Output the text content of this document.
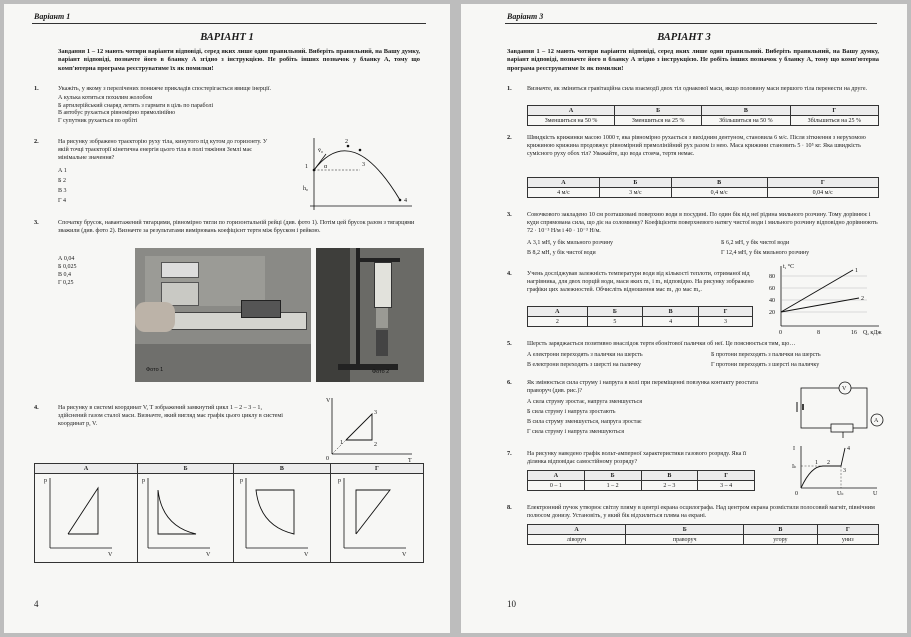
Варіант 1
ВАРІАНТ 1
Завдання 1 – 12 мають чотири варіанти відповіді, серед яких лише один правильний. Виберіть правильний, на Вашу думку, варіант відповіді, позначте його в бланку А згідно з інструкцією. Не робіть інших позначок у бланку А, тому що комп'ютерна програма реєструватиме їх як помилки!
1.	Укажіть, у якому з перелічених понижче прикладів спостерігається явище інерції.
А кулька котиться похилим жолобом
Б артилерійський снаряд летить з гармати в ціль по параболі
В автобус рухається рівномірно прямолінійно
Г супутник рухається по орбіті
2.	На рисунку зображено траєкторію руху тіла, кинутого під кутом до горизонту. У якій точці траєкторії кінетична енергія цього тіла в полі тяжіння Землі має мінімальне значення?
А 1
Б 2
В 3
Г 4
1
2
3
4
v̄₀
α
h₀
3.	Спочатку брусок, навантажений тягарцями, рівномірно тягли по горизонтальній рейці (див. фото 1). Потім цей брусок разом з тягарцями зважили (див. фото 2). Визначте за результатами вимірювань коефіцієнт тертя між бруском і рейкою.
А 0,04
Б 0,025
В 0,4
Г 0,25
Фото 1	Фото 2
4.	На рисунку в системі координат V, T зображений замкнутий цикл 1 – 2 – 3 – 1, здійснений газом сталої маси. Визначте, який вигляд має графік цього циклу в системі координат p, V.
V
T
0
1	2
3
А	Б	В	Г

p
V
p
V
p
V
p
V
4
Варіант 3
ВАРІАНТ 3
Завдання 1 – 12 мають чотири варіанти відповіді, серед яких лише один правильний. Виберіть правильний, на Вашу думку, варіант відповіді, позначте його в бланку А згідно з інструкцією. Не робіть інших позначок у бланку А, тому що комп'ютерна програма реєструватиме їх як помилки!
1.	Визначте, як зміниться гравітаційна сила взаємодії двох тіл однакової маси, якщо половину маси першого тіла перенести на друге.
А	Б	В	Г
Зменшиться на 50 %	Зменшиться на 25 %	Збільшиться на 50 %	Збільшиться на 25 %
2.	Швидкість крижинки масою 1000 т, яка рівномірно рухається з вихідним дентуном, становила 6 м/с. Після зіткнення з нерухомою крижиною крижина продовжує рівномірний прямолінійний рух разом із нею. Маса крижини становить 5 · 10⁵ кг. Яка швидкість сумісного руху обох тіл? Уважайте, що вода стояча, тертя немає.
А	Б	В	Г
4 м/с	3 м/с	0,4 м/с	0,04 м/с
3.	Совочкового закладено 10 см розташовані поверхню води в посудині. По один бік від неї рідина мильного розчину. Тому дорівнює і куди спрямована сила, що діє на соломинку? Коефіцієнти поверхневого натягу чистої води і мильного розчину відповідно дорівнюють 72 · 10⁻³ Н/м і 40 · 10⁻³ Н/м.
А 3,1 мН, у бік мильного розчину	Б 6,2 мН, у бік чистої води
В 8,2 мН, у бік чистої води	Г 12,4 мН, у бік мильного розчину
4.	Учень досліджував залежність температури води від кількості теплоти, отриманої від нагрівника, для двох порцій води, маси яких m₁ і m₂ відповідно. На рисунку зображено графіки цих залежностей. Обчисліть відношення мас m₁ до мас m₂.
А	Б	В	Г
2	5	4	3
t, °C
Q, кДж
80
60
40
20
0	8	16
1
2
5.	Шерсть заряджається позитивно внаслідок тертя ебонітової палички об неї. Це пояснюється тим, що…
А електрони переходять з палички на шерсть	Б протони переходять з палички на шерсть
В електрони переходять з шерсті на паличку	Г протони переходять з шерсті на паличку
6.	Як змінюється сила струму і напруга в колі при переміщенні повзунка контакту реостата праворуч (див. рис.)?
А сила струму зростає, напруга зменшується
Б сила струму і напруга зростають
В сила струму зменшується, напруга зростає
Г сила струму і напруга зменшуються
V
A
7.	На рисунку наведено графік вольт-амперної характеристики газового розряду. Яка її ділянка відповідає самостійному розряду?
А	Б	В	Г
0 – 1	1 – 2	2 – 3	3 – 4
I
Iₖ
Uₖ	U
0
1 2
3
4
8.	Електронний пучок утворює світлу пляму в центрі екрана осцилографа. Над центром екрана розмістили полосовий магніт, північним полюсом донизу. Установіть, у який бік відхилиться пляма на екрані.
А	Б	В	Г
ліворуч	праворуч	угору	униз
10
